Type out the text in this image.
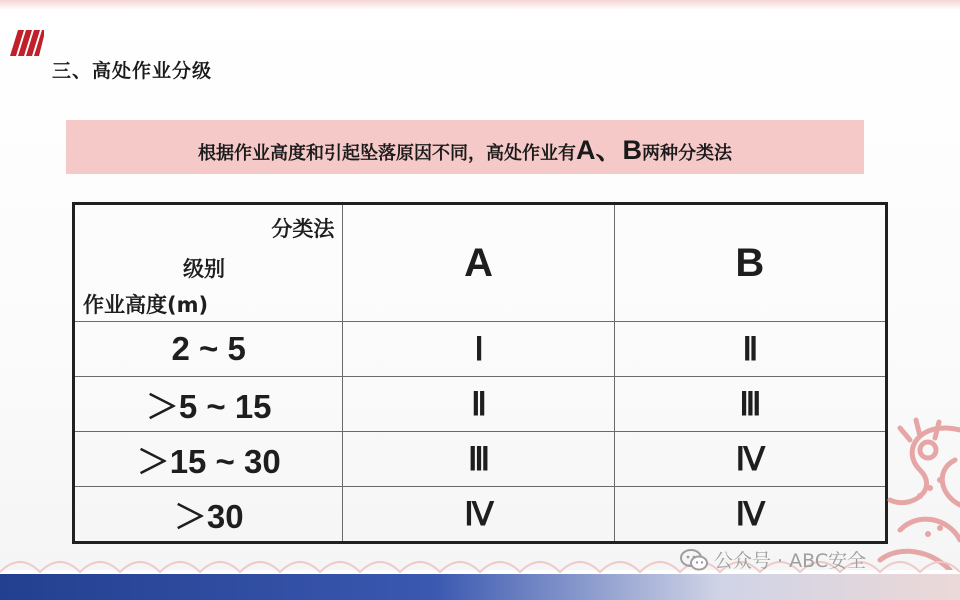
三、高处作业分级
根据作业高度和引起坠落原因不同，高处作业有A、B两种分类法
分类法
级别
作业高度(m)	A	B
2 ~ 5	Ⅰ	Ⅱ
＞5 ~ 15	Ⅱ	Ⅲ
＞15 ~ 30	Ⅲ	Ⅳ
＞30	Ⅳ	Ⅳ
公众号 · ABC安全
